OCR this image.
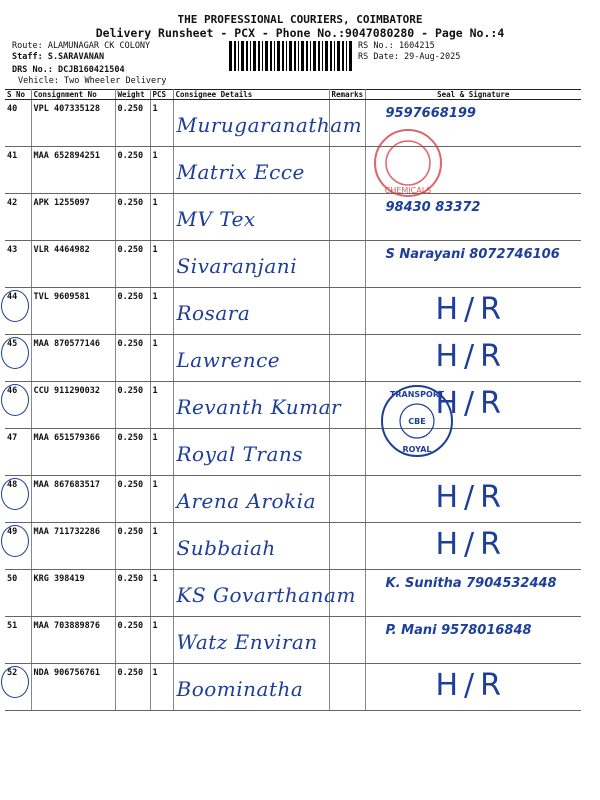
THE PROFESSIONAL COURIERS, COIMBATORE
Delivery Runsheet - PCX - Phone No.:9047080280 - Page No.:4
Route: ALAMUNAGAR CK COLONY
Staff: S.SARAVANAN
DRS No.: DCJB160421504
Vehicle: Two Wheeler Delivery
RS No.: 1604215
RS Date: 29-Aug-2025
S No	Consignment No	Weight	PCS	Consignee Details	Remarks	Seal & Signature
40	VPL 407335128	0.250	1	Murugaranatham		9597668199

41	MAA 652894251	0.250	1	Matrix Ecce		

42	APK 1255097	0.250	1	MV Tex		98430 83372

43	VLR 4464982	0.250	1	Sivaranjani		S Narayani 8072746106

44	TVL 9609581	0.250	1	Rosara		H/R

45	MAA 870577146	0.250	1	Lawrence		H/R

46	CCU 911290032	0.250	1	Revanth Kumar		H/R

47	MAA 651579366	0.250	1	Royal Trans		

48	MAA 867683517	0.250	1	Arena Arokia		H/R

49	MAA 711732286	0.250	1	Subbaiah		H/R

50	KRG 398419	0.250	1	KS Govarthanam		K. Sunitha 7904532448

51	MAA 703889876	0.250	1	Watz Enviran		P. Mani 9578016848

52	NDA 906756761	0.250	1	Boominatha		H/R
CHEMICALS
TRANSPORT
CBE
ROYAL
